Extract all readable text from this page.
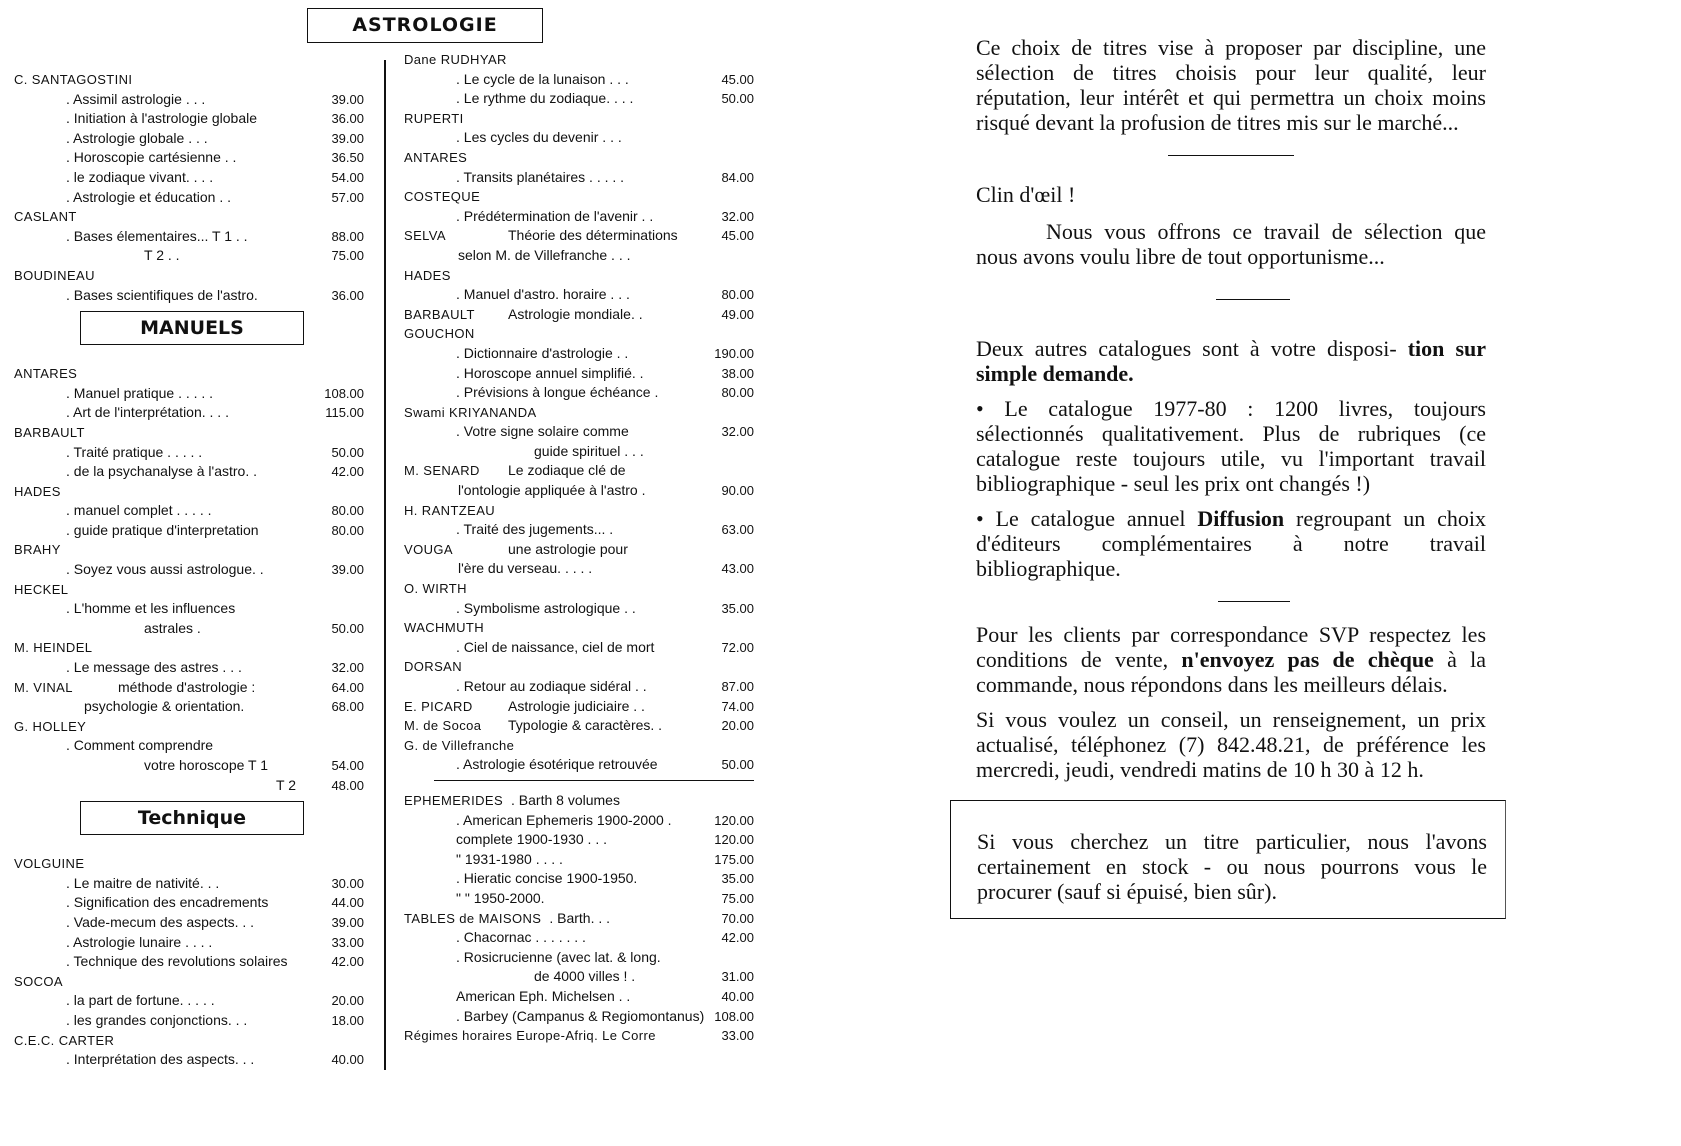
ASTROLOGIE
C. SANTAGOSTINI
. Assimil astrologie . . .	39.00
. Initiation à l'astrologie globale	36.00
. Astrologie globale . . .	39.00
. Horoscopie cartésienne . .	36.50
. le zodiaque vivant. . . .	54.00
. Astrologie et éducation . .	57.00
CASLANT
. Bases élementaires... T 1 . .	88.00
T 2 . .	75.00
BOUDINEAU
. Bases scientifiques de l'astro.	36.00
MANUELS
ANTARES
. Manuel pratique . . . . .	108.00
. Art de l'interprétation. . . .	115.00
BARBAULT
. Traité pratique . . . . .	50.00
. de la psychanalyse à l'astro. .	42.00
HADES
. manuel complet . . . . .	80.00
. guide pratique d'interpretation	80.00
BRAHY
. Soyez vous aussi astrologue. .	39.00
HECKEL
. L'homme et les influences
astrales .	50.00
M. HEINDEL
. Le message des astres . . .	32.00
M. VINAL	méthode d'astrologie :	64.00
psychologie & orientation.	68.00
G. HOLLEY
. Comment comprendre
votre horoscope T 1	54.00
T 2	48.00
Technique
VOLGUINE
. Le maitre de nativité. . .	30.00
. Signification des encadrements	44.00
. Vade-mecum des aspects. . .	39.00
. Astrologie lunaire . . . .	33.00
. Technique des revolutions solaires	42.00
SOCOA
. la part de fortune. . . . .	20.00
. les grandes conjonctions. . .	18.00
C.E.C. CARTER
. Interprétation des aspects. . .	40.00
Dane RUDHYAR
. Le cycle de la lunaison . . .	45.00
. Le rythme du zodiaque. . . .	50.00
RUPERTI
. Les cycles du devenir . . .
ANTARES
. Transits planétaires . . . . .	84.00
COSTEQUE
. Prédétermination de l'avenir . .	32.00
SELVA	Théorie des déterminations	45.00
selon M. de Villefranche . . .
HADES
. Manuel d'astro. horaire . . .	80.00
BARBAULT	Astrologie mondiale. .	49.00
GOUCHON
. Dictionnaire d'astrologie . .	190.00
. Horoscope annuel simplifié. .	38.00
. Prévisions à longue échéance .	80.00
Swami KRIYANANDA
. Votre signe solaire comme	32.00
guide spirituel . . .
M. SENARD	Le zodiaque clé de
l'ontologie appliquée à l'astro .	90.00
H. RANTZEAU
. Traité des jugements... .	63.00
VOUGA	une astrologie pour
l'ère du verseau. . . . .	43.00
O. WIRTH
. Symbolisme astrologique . .	35.00
WACHMUTH
. Ciel de naissance, ciel de mort	72.00
DORSAN
. Retour au zodiaque sidéral . .	87.00
E. PICARD	Astrologie judiciaire . .	74.00
M. de Socoa	Typologie & caractères. .	20.00
G. de Villefranche
. Astrologie ésotérique retrouvée	50.00
EPHEMERIDES . Barth 8 volumes
. American Ephemeris 1900-2000 .	120.00
complete 1900-1930 . . .	120.00
" 1931-1980 . . . .	175.00
. Hieratic concise 1900-1950.	35.00
" " 1950-2000.	75.00
TABLES de MAISONS . Barth. . .	70.00
. Chacornac . . . . . . .	42.00
. Rosicrucienne (avec lat. & long.
de 4000 villes ! .	31.00
American Eph. Michelsen . .	40.00
. Barbey (Campanus & Regiomontanus) 108.00
Régimes horaires Europe-Afriq. Le Corre	33.00
Ce choix de titres vise à proposer par discipline, une sélection de titres choisis pour leur qualité, leur réputation, leur intérêt et qui permettra un choix moins risqué devant la profusion de titres mis sur le marché...
Clin d'œil !
Nous vous offrons ce travail de sélection que nous avons voulu libre de tout opportunisme...
Deux autres catalogues sont à votre disposi- tion sur simple demande.
• Le catalogue 1977-80 : 1200 livres, toujours sélectionnés qualitativement. Plus de rubriques (ce catalogue reste toujours utile, vu l'important travail bibliographique - seul les prix ont changés !)
• Le catalogue annuel Diffusion regroupant un choix d'éditeurs complémentaires à notre travail bibliographique.
Pour les clients par correspondance SVP respectez les conditions de vente, n'envoyez pas de chèque à la commande, nous répondons dans les meilleurs délais.
Si vous voulez un conseil, un renseignement, un prix actualisé, téléphonez (7) 842.48.21, de préférence les mercredi, jeudi, vendredi matins de 10 h 30 à 12 h.
Si vous cherchez un titre particulier, nous l'avons certainement en stock - ou nous pourrons vous le procurer (sauf si épuisé, bien sûr).
